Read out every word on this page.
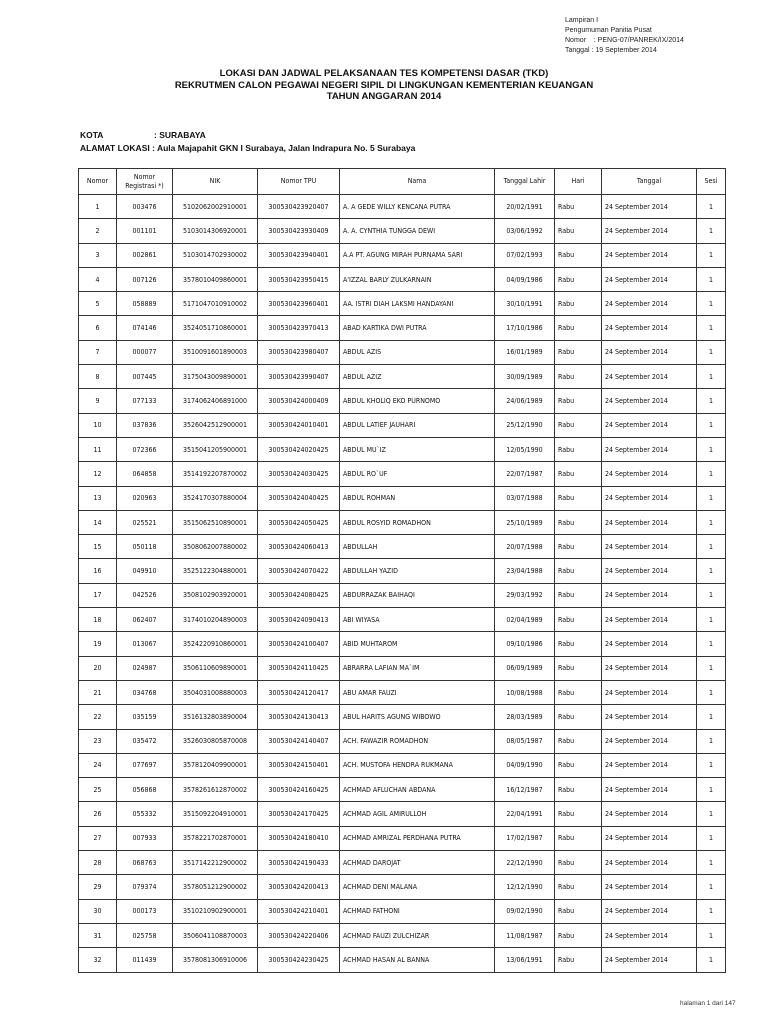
Lampiran I
Pengumuman Panitia Pusat
Nomor    : PENG-07/PANREK/IX/2014
Tanggal : 19 September 2014
LOKASI DAN JADWAL PELAKSANAAN TES KOMPETENSI DASAR (TKD)
REKRUTMEN CALON PEGAWAI NEGERI SIPIL DI LINGKUNGAN KEMENTERIAN KEUANGAN
TAHUN ANGGARAN 2014
KOTA	: SURABAYA
ALAMAT LOKASI : Aula Majapahit GKN I Surabaya, Jalan Indrapura No. 5 Surabaya
Nomor	Nomor Registrasi *)	NIK	Nomor TPU	Nama	Tanggal Lahir	Hari	Tanggal	Sesi
1	003476	5102062002910001	300530423920407	A. A GEDE WILLY KENCANA PUTRA	20/02/1991	Rabu	24 September 2014	1
2	001101	5103014306920001	300530423930409	A. A. CYNTHIA TUNGGA DEWI	03/06/1992	Rabu	24 September 2014	1
3	002861	5103014702930002	300530423940401	A.A PT. AGUNG MIRAH PURNAMA SARI	07/02/1993	Rabu	24 September 2014	1
4	007126	3578010409860001	300530423950415	A'IZZAL BARLY ZULKARNAIN	04/09/1986	Rabu	24 September 2014	1
5	058889	5171047010910002	300530423960401	AA. ISTRI DIAH LAKSMI HANDAYANI	30/10/1991	Rabu	24 September 2014	1
6	074146	3524051710860001	300530423970413	ABAD KARTIKA DWI PUTRA	17/10/1986	Rabu	24 September 2014	1
7	000077	3510091601890003	300530423980407	ABDUL AZIS	16/01/1989	Rabu	24 September 2014	1
8	007445	3175043009890001	300530423990407	ABDUL AZIZ	30/09/1989	Rabu	24 September 2014	1
9	077133	3174062406891000	300530424000409	ABDUL KHOLIQ EKO PURNOMO	24/06/1989	Rabu	24 September 2014	1
10	037836	3526042512900001	300530424010401	ABDUL LATIEF JAUHARI	25/12/1990	Rabu	24 September 2014	1
11	072366	3515041205900001	300530424020425	ABDUL MU`IZ	12/05/1990	Rabu	24 September 2014	1
12	064858	3514192207870002	300530424030425	ABDUL RO`UF	22/07/1987	Rabu	24 September 2014	1
13	020963	3524170307880004	300530424040425	ABDUL ROHMAN	03/07/1988	Rabu	24 September 2014	1
14	025521	3515062510890001	300530424050425	ABDUL ROSYID ROMADHON	25/10/1989	Rabu	24 September 2014	1
15	050118	3508062007880002	300530424060413	ABDULLAH	20/07/1988	Rabu	24 September 2014	1
16	049910	3525122304880001	300530424070422	ABDULLAH YAZID	23/04/1988	Rabu	24 September 2014	1
17	042526	3508102903920001	300530424080425	ABDURRAZAK BAIHAQI	29/03/1992	Rabu	24 September 2014	1
18	062407	3174010204890003	300530424090413	ABI WIYASA	02/04/1989	Rabu	24 September 2014	1
19	013067	3524220910860001	300530424100407	ABID MUHTAROM	09/10/1986	Rabu	24 September 2014	1
20	024987	3506110609890001	300530424110425	ABRARRA LAFIAN MA`IM	06/09/1989	Rabu	24 September 2014	1
21	034768	3504031008880003	300530424120417	ABU AMAR FAUZI	10/08/1988	Rabu	24 September 2014	1
22	035159	3516132803890004	300530424130413	ABUL HARITS AGUNG WIBOWO	28/03/1989	Rabu	24 September 2014	1
23	035472	3526030805870008	300530424140407	ACH. FAWAZIR ROMADHON	08/05/1987	Rabu	24 September 2014	1
24	077697	3578120409900001	300530424150401	ACH. MUSTOFA HENDRA RUKMANA	04/09/1990	Rabu	24 September 2014	1
25	056868	3578261612870002	300530424160425	ACHMAD AFLUCHAN ABDANA	16/12/1987	Rabu	24 September 2014	1
26	055332	3515092204910001	300530424170425	ACHMAD AGIL AMIRULLOH	22/04/1991	Rabu	24 September 2014	1
27	007933	3578221702870001	300530424180410	ACHMAD AMRIZAL PERDHANA PUTRA	17/02/1987	Rabu	24 September 2014	1
28	068763	3517142212900002	300530424190433	ACHMAD DAROJAT	22/12/1990	Rabu	24 September 2014	1
29	079374	3578051212900002	300530424200413	ACHMAD DENI MALANA	12/12/1990	Rabu	24 September 2014	1
30	000173	3510210902900001	300530424210401	ACHMAD FATHONI	09/02/1990	Rabu	24 September 2014	1
31	025758	3506041108870003	300530424220406	ACHMAD FAUZI ZULCHIZAR	11/08/1987	Rabu	24 September 2014	1
32	011439	3578081306910006	300530424230425	ACHMAD HASAN AL BANNA	13/06/1991	Rabu	24 September 2014	1
halaman 1 dari 147
